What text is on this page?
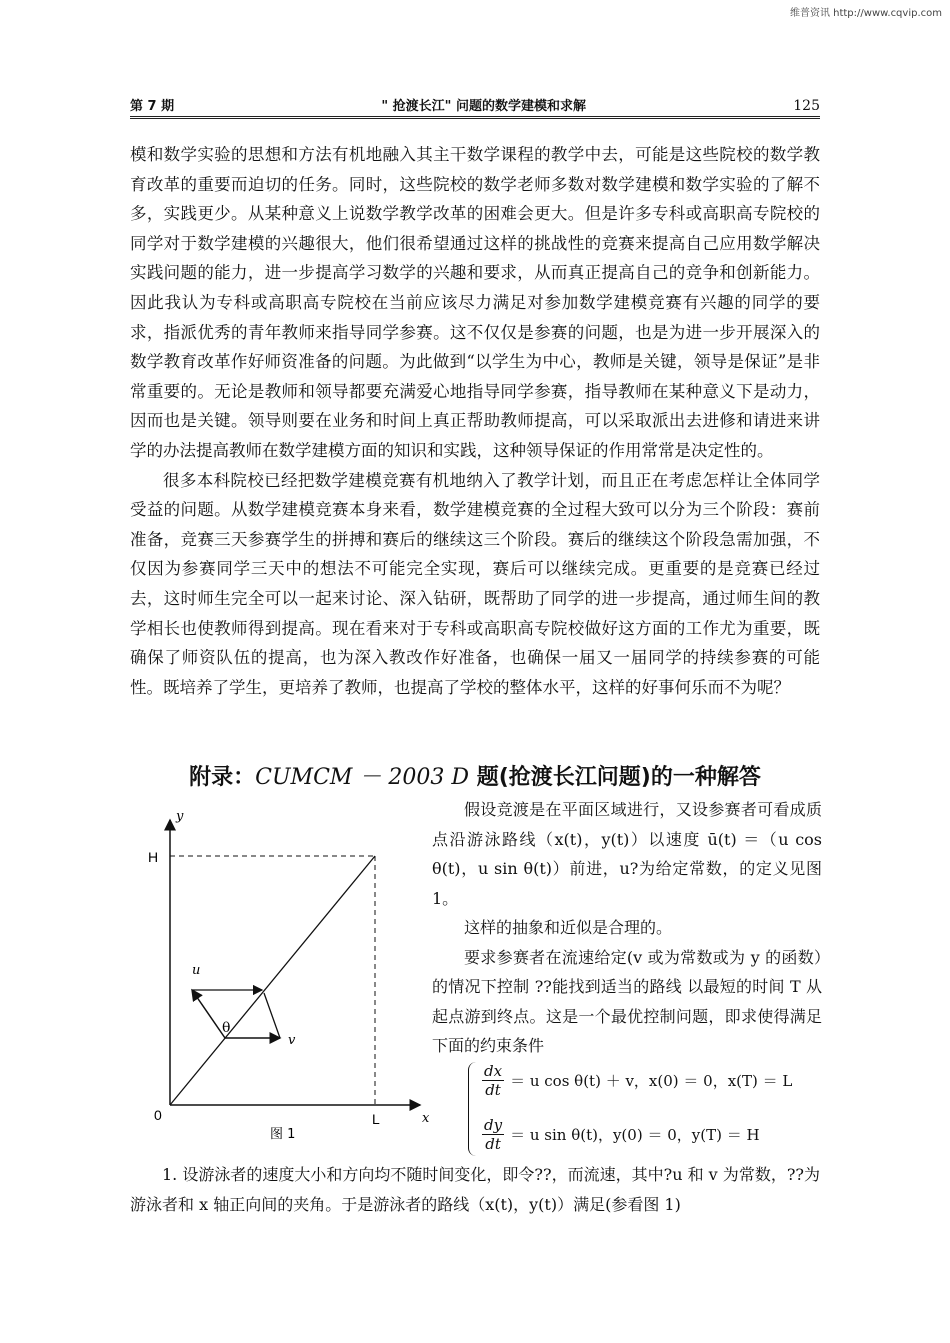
维普资讯 http://www.cqvip.com
第 7 期	" 抢渡长江" 问题的数学建模和求解	125

模和数学实验的思想和方法有机地融入其主干数学课程的教学中去，可能是这些院校的数学教育改革的重要而迫切的任务。同时，这些院校的数学老师多数对数学建模和数学实验的了解不多，实践更少。从某种意义上说数学教学改革的困难会更大。但是许多专科或高职高专院校的同学对于数学建模的兴趣很大，他们很希望通过这样的挑战性的竞赛来提高自己应用数学解决实践问题的能力，进一步提高学习数学的兴趣和要求，从而真正提高自己的竞争和创新能力。因此我认为专科或高职高专院校在当前应该尽力满足对参加数学建模竞赛有兴趣的同学的要求，指派优秀的青年教师来指导同学参赛。这不仅仅是参赛的问题，也是为进一步开展深入的数学教育改革作好师资准备的问题。为此做到“以学生为中心，教师是关键，领导是保证”是非常重要的。无论是教师和领导都要充满爱心地指导同学参赛，指导教师在某种意义下是动力，因而也是关键。领导则要在业务和时间上真正帮助教师提高，可以采取派出去进修和请进来讲学的办法提高教师在数学建模方面的知识和实践，这种领导保证的作用常常是决定性的。

很多本科院校已经把数学建模竞赛有机地纳入了教学计划，而且正在考虑怎样让全体同学受益的问题。从数学建模竞赛本身来看，数学建模竞赛的全过程大致可以分为三个阶段：赛前准备，竞赛三天参赛学生的拼搏和赛后的继续这三个阶段。赛后的继续这个阶段急需加强，不仅因为参赛同学三天中的想法不可能完全实现，赛后可以继续完成。更重要的是竞赛已经过去，这时师生完全可以一起来讨论、深入钻研，既帮助了同学的进一步提高，通过师生间的教学相长也使教师得到提高。现在看来对于专科或高职高专院校做好这方面的工作尤为重要，既确保了师资队伍的提高，也为深入教改作好准备，也确保一届又一届同学的持续参赛的可能性。既培养了学生，更培养了教师，也提高了学校的整体水平，这样的好事何乐而不为呢？

附录：CUMCM － 2003 D 题(抢渡长江问题)的一种解答
y
H
0	L	x
u
v
θ
图 1

假设竞渡是在平面区域进行，又设参赛者可看成质点沿游泳路线（x(t)，y(t)）以速度 ū(t) ＝（u cos θ(t)，u sin θ(t)）前进，u?为给定常数，的定义见图 1。

这样的抽象和近似是合理的。

要求参赛者在流速给定(v 或为常数或为 y 的函数）的情况下控制 ??能找到适当的路线 以最短的时间 T 从起点游到终点。这是一个最优控制问题，即求使得满足下面的约束条件

$\frac{dx}{dt} = u$ cos θ(t) ＋ v，x(0) ＝ 0，x(T) ＝ L
$\frac{dy}{dt} = u$ sin θ(t)，y(0) ＝ 0，y(T) ＝ H

1. 设游泳者的速度大小和方向均不随时间变化，即令??，而流速，其中?u 和 v 为常数，??为游泳者和 x 轴正向间的夹角。于是游泳者的路线（x(t)，y(t)）满足(参看图 1)
